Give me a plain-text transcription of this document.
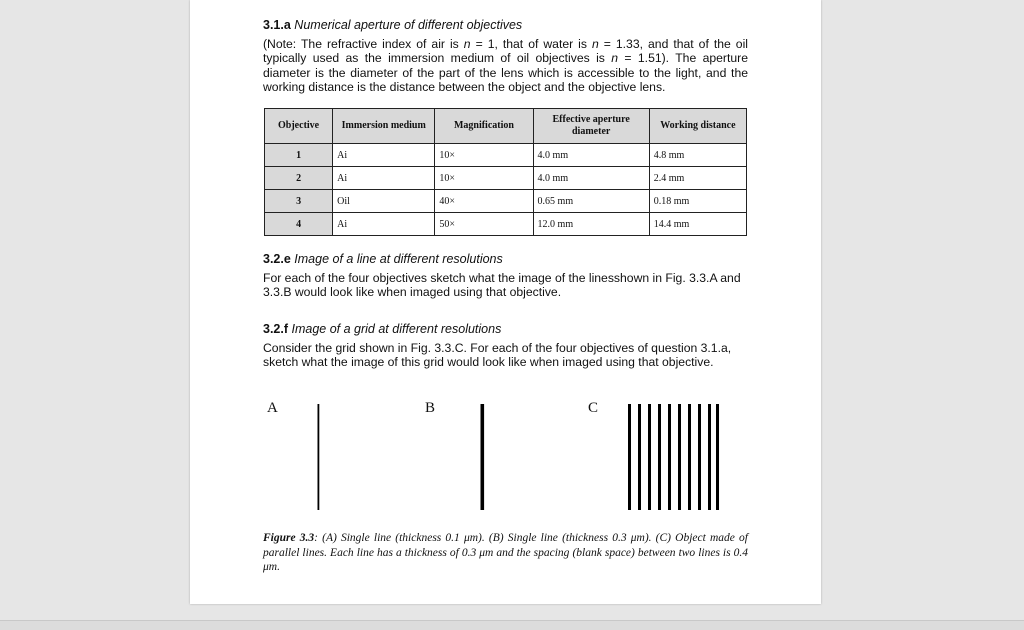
3.1.a Numerical aperture of different objectives

(Note: The refractive index of air is n = 1, that of water is n = 1.33, and that of the oil typically used as the immersion medium of oil objectives is n = 1.51). The aperture diameter is the diameter of the part of the lens which is accessible to the light, and the working distance is the distance between the object and the objective lens.

Objective	Immersion medium	Magnification	Effective aperture diameter	Working distance
1	Ai	10×	4.0 mm	4.8 mm
2	Ai	10×	4.0 mm	2.4 mm
3	Oil	40×	0.65 mm	0.18 mm
4	Ai	50×	12.0 mm	14.4 mm

3.2.e Image of a line at different resolutions

For each of the four objectives sketch what the image of the linesshown in Fig. 3.3.A and 3.3.B would look like when imaged using that objective.

3.2.f Image of a grid at different resolutions

Consider the grid shown in Fig. 3.3.C. For each of the four objectives of question 3.1.a, sketch what the image of this grid would look like when imaged using that objective.

A	B	C
Figure 3.3: (A) Single line (thickness 0.1 μm). (B) Single line (thickness 0.3 μm). (C) Object made of parallel lines. Each line has a thickness of 0.3 μm and the spacing (blank space) between two lines is 0.4 μm.
